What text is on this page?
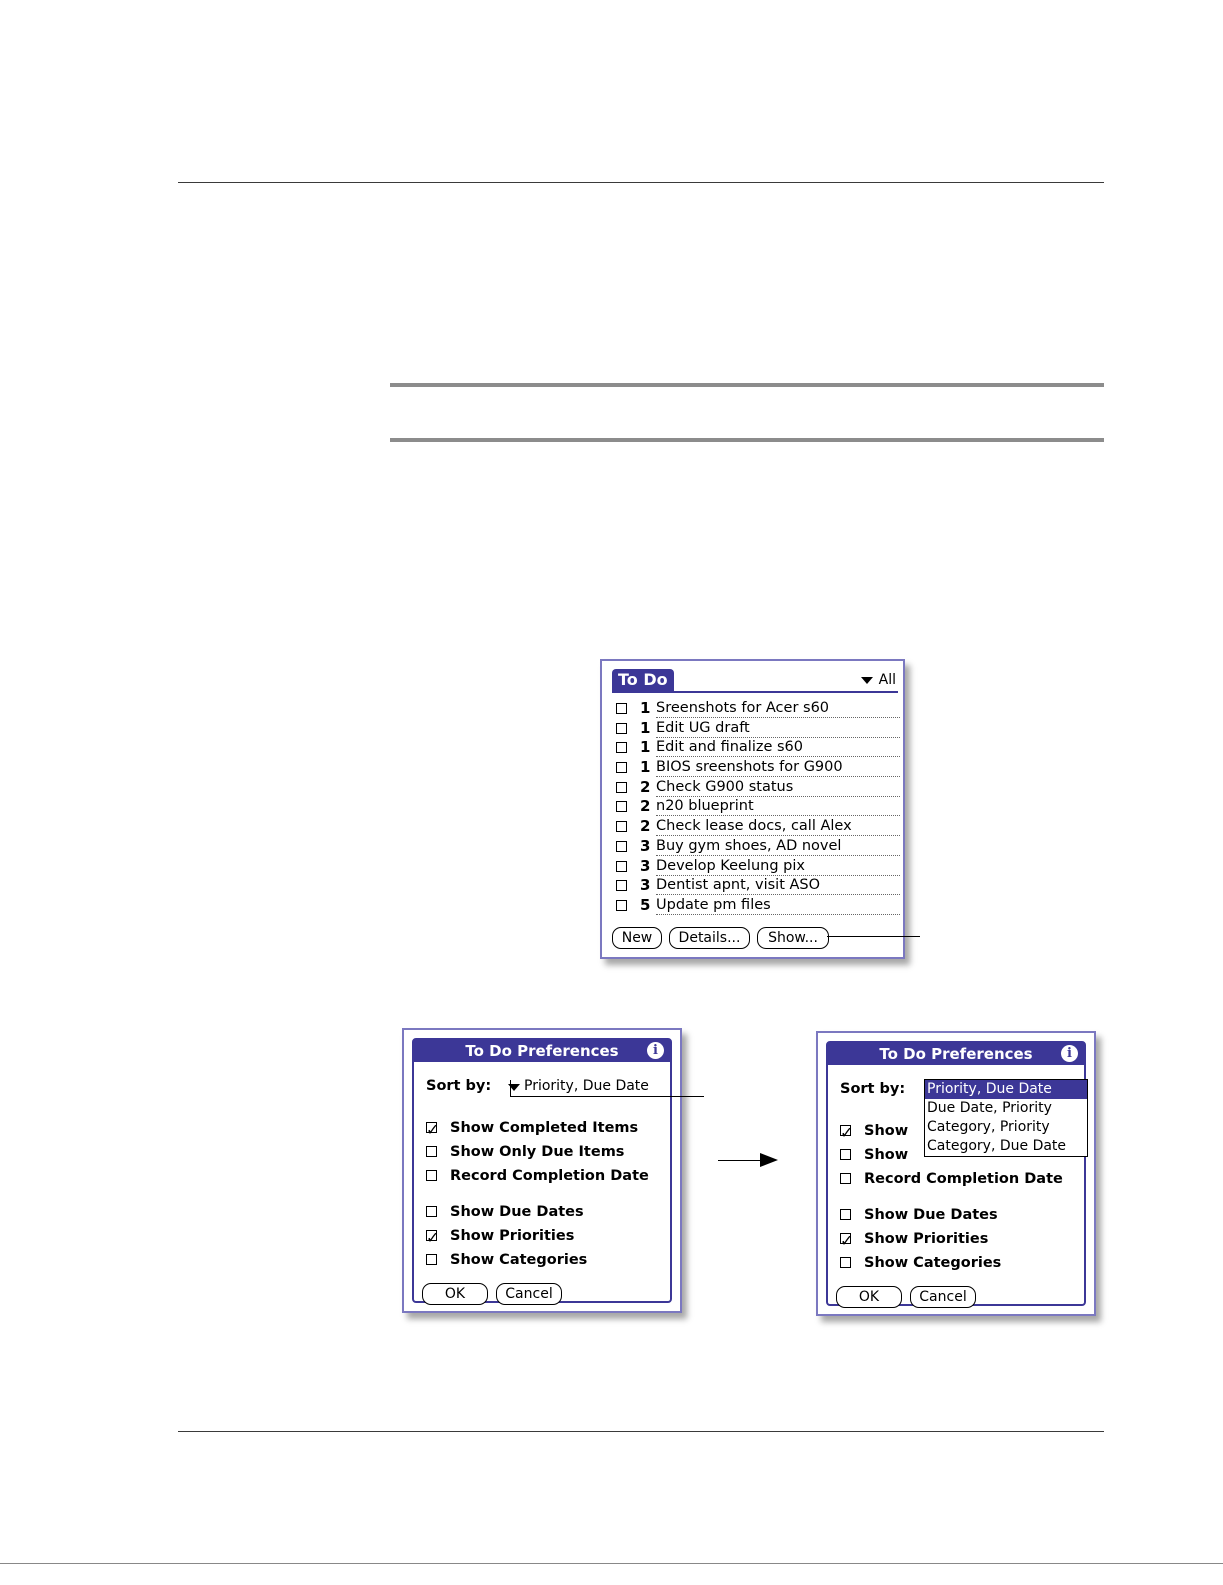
To Do	All
1 Sreenshots for Acer s60
1 Edit UG draft
1 Edit and finalize s60
1 BIOS sreenshots for G900
2 Check G900 status
2 n20 blueprint
2 Check lease docs, call Alex
3 Buy gym shoes, AD novel
3 Develop Keelung pix
3 Dentist apnt, visit ASO
5 Update pm files
New	Details...	Show...
To Do Preferences	i
Sort by: Priority, Due Date
✓ Show Completed Items
Show Only Due Items
Record Completion Date
Show Due Dates
✓ Show Priorities
Show Categories
OK	Cancel
To Do Preferences	i
Sort by: Priority, Due Date
Due Date, Priority
Category, Priority
Category, Due Date
✓ Show
Show
Record Completion Date
Show Due Dates
✓ Show Priorities
Show Categories
OK	Cancel
